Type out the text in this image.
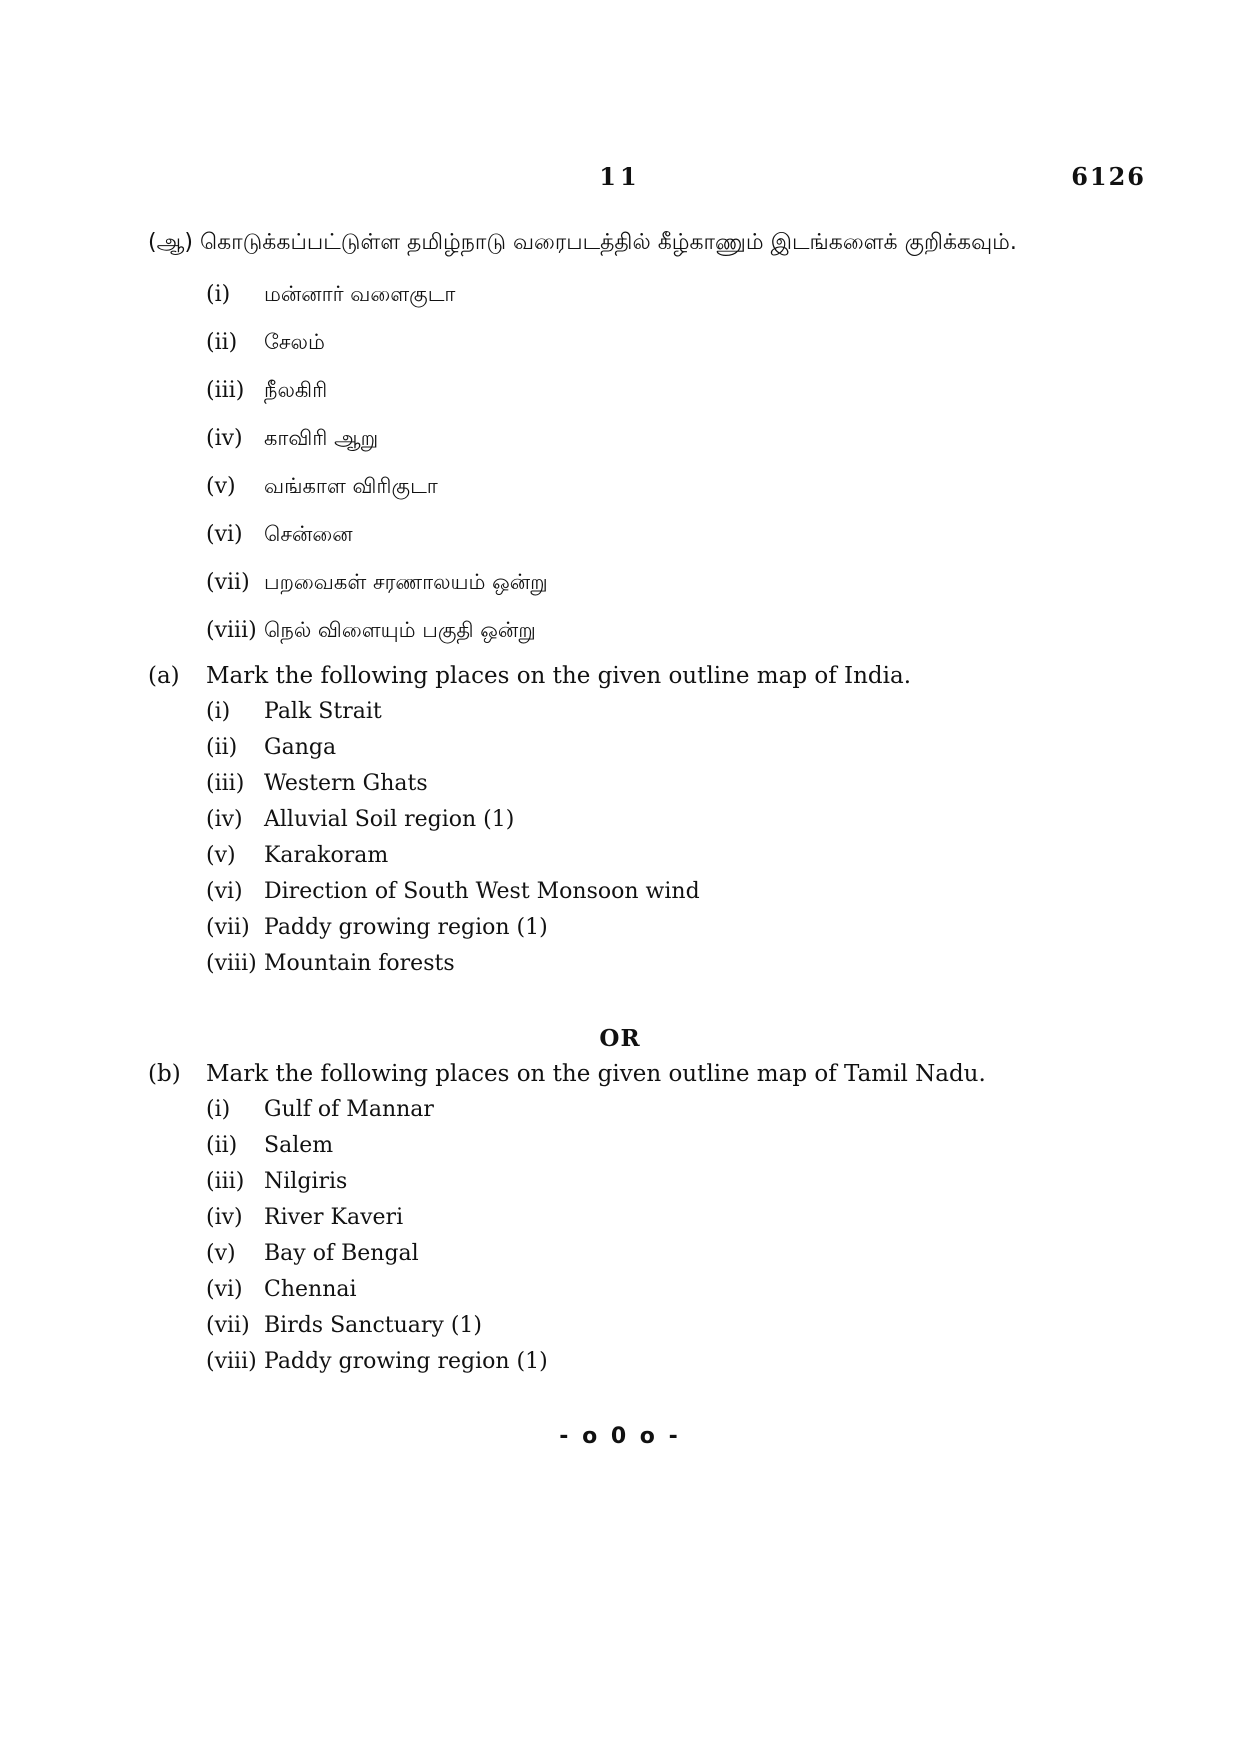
11	6126
(ஆ) கொடுக்கப்பட்டுள்ள தமிழ்நாடு வரைபடத்தில் கீழ்காணும் இடங்களைக் குறிக்கவும்.
(i) மன்னார் வளைகுடா
(ii) சேலம்
(iii) நீலகிரி
(iv) காவிரி ஆறு
(v) வங்காள விரிகுடா
(vi) சென்னை
(vii) பறவைகள் சரணாலயம் ஒன்று
(viii) நெல் விளையும் பகுதி ஒன்று
(a) Mark the following places on the given outline map of India.
(i) Palk Strait
(ii) Ganga
(iii) Western Ghats
(iv) Alluvial Soil region (1)
(v) Karakoram
(vi) Direction of South West Monsoon wind
(vii) Paddy growing region (1)
(viii) Mountain forests
OR
(b) Mark the following places on the given outline map of Tamil Nadu.
(i) Gulf of Mannar
(ii) Salem
(iii) Nilgiris
(iv) River Kaveri
(v) Bay of Bengal
(vi) Chennai
(vii) Birds Sanctuary (1)
(viii) Paddy growing region (1)
- o 0 o -
